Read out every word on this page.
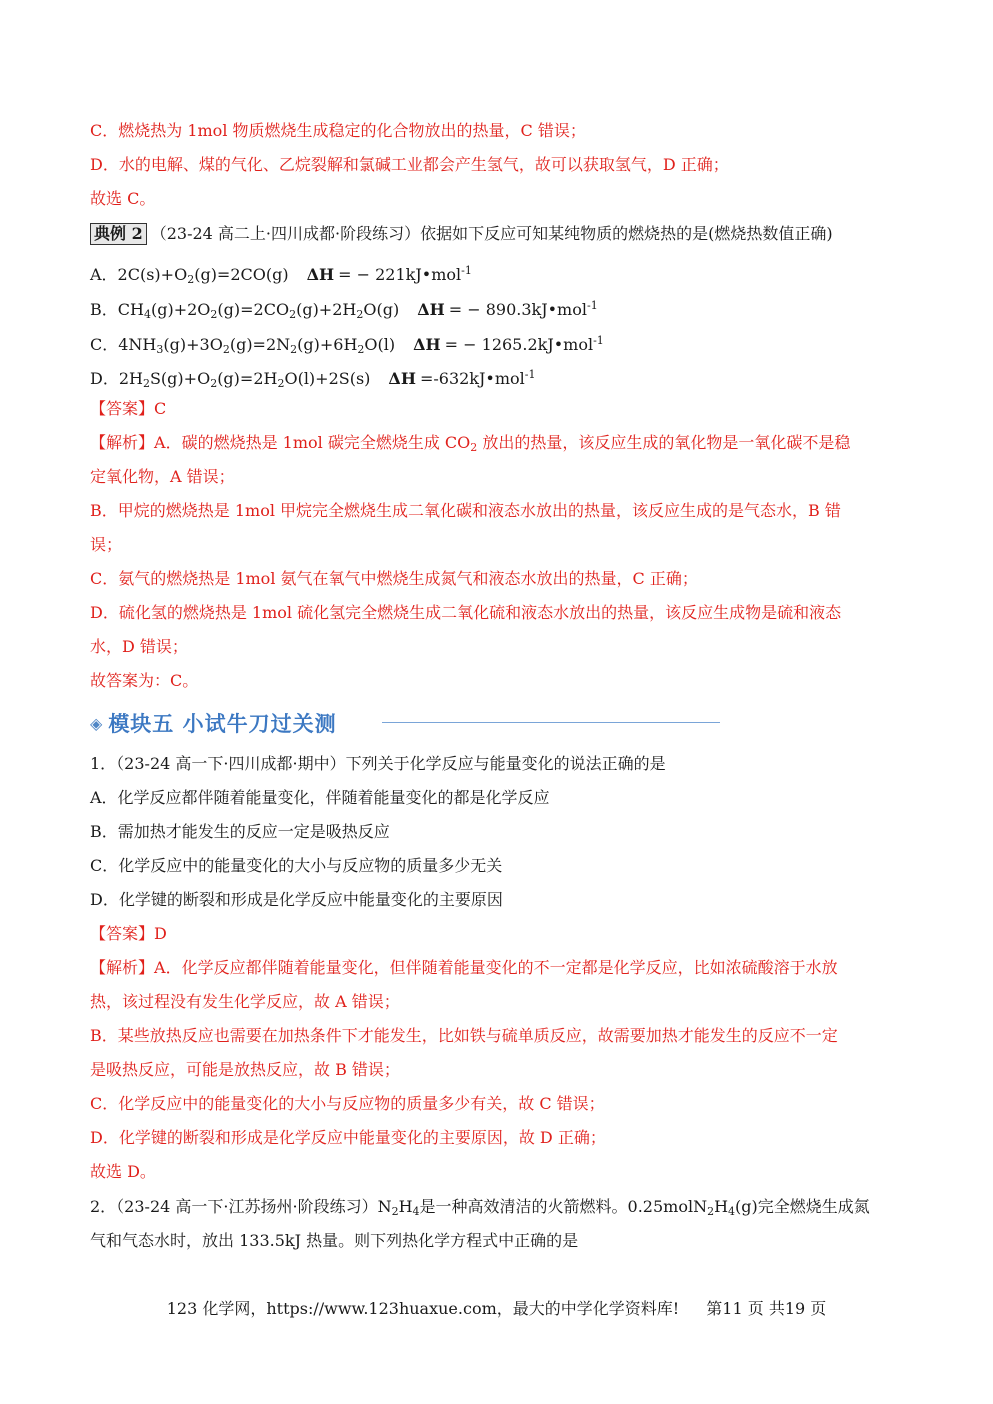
C．燃烧热为 1mol 物质燃烧生成稳定的化合物放出的热量，C 错误；
D．水的电解、煤的气化、乙烷裂解和氯碱工业都会产生氢气，故可以获取氢气，D 正确；
故选 C。
典例 2 （23-24 高二上·四川成都·阶段练习）依据如下反应可知某纯物质的燃烧热的是(燃烧热数值正确)
A．$2C(s)+O_2(g)=2CO(g) \Delta H$ = − 221kJ•mol$^{-1}$
B．$CH_4(g)+2O_2(g)=2CO_2(g)+2H_2O(g) \Delta H$ = − 890.3kJ•mol$^{-1}$
C．$4NH_3(g)+3O_2(g)=2N_2(g)+6H_2O(l) \Delta H$ = − 1265.2kJ•mol$^{-1}$
D．$2H_2S(g)+O_2(g)=2H_2O(l)+2S(s)$ ΔH =-632kJ•mol$^{-1}$
【答案】C
【解析】A．碳的燃烧热是 1mol 碳完全燃烧生成 $CO_2$ 放出的热量，该反应生成的氧化物是一氧化碳不是稳
定氧化物，A 错误；
B．甲烷的燃烧热是 1mol 甲烷完全燃烧生成二氧化碳和液态水放出的热量，该反应生成的是气态水，B 错
误；
C．氨气的燃烧热是 1mol 氨气在氧气中燃烧生成氮气和液态水放出的热量，C 正确；
D．硫化氢的燃烧热是 1mol 硫化氢完全燃烧生成二氧化硫和液态水放出的热量，该反应生成物是硫和液态
水，D 错误；
故答案为：C。
◈ 模块五 小试牛刀过关测
1．（23-24 高一下·四川成都·期中）下列关于化学反应与能量变化的说法正确的是
A．化学反应都伴随着能量变化，伴随着能量变化的都是化学反应
B．需加热才能发生的反应一定是吸热反应
C．化学反应中的能量变化的大小与反应物的质量多少无关
D．化学键的断裂和形成是化学反应中能量变化的主要原因
【答案】D
【解析】A．化学反应都伴随着能量变化，但伴随着能量变化的不一定都是化学反应，比如浓硫酸溶于水放
热，该过程没有发生化学反应，故 A 错误；
B．某些放热反应也需要在加热条件下才能发生，比如铁与硫单质反应，故需要加热才能发生的反应不一定
是吸热反应，可能是放热反应，故 B 错误；
C．化学反应中的能量变化的大小与反应物的质量多少有关，故 C 错误；
D．化学键的断裂和形成是化学反应中能量变化的主要原因，故 D 正确；
故选 D。
2．（23-24 高一下·江苏扬州·阶段练习）$N_2H_4$是一种高效清洁的火箭燃料。$0.25molN_2H_4(g)$完全燃烧生成氮
气和气态水时，放出 133.5kJ 热量。则下列热化学方程式中正确的是
123 化学网，https://www.123huaxue.com，最大的中学化学资料库! 第11 页 共19 页
